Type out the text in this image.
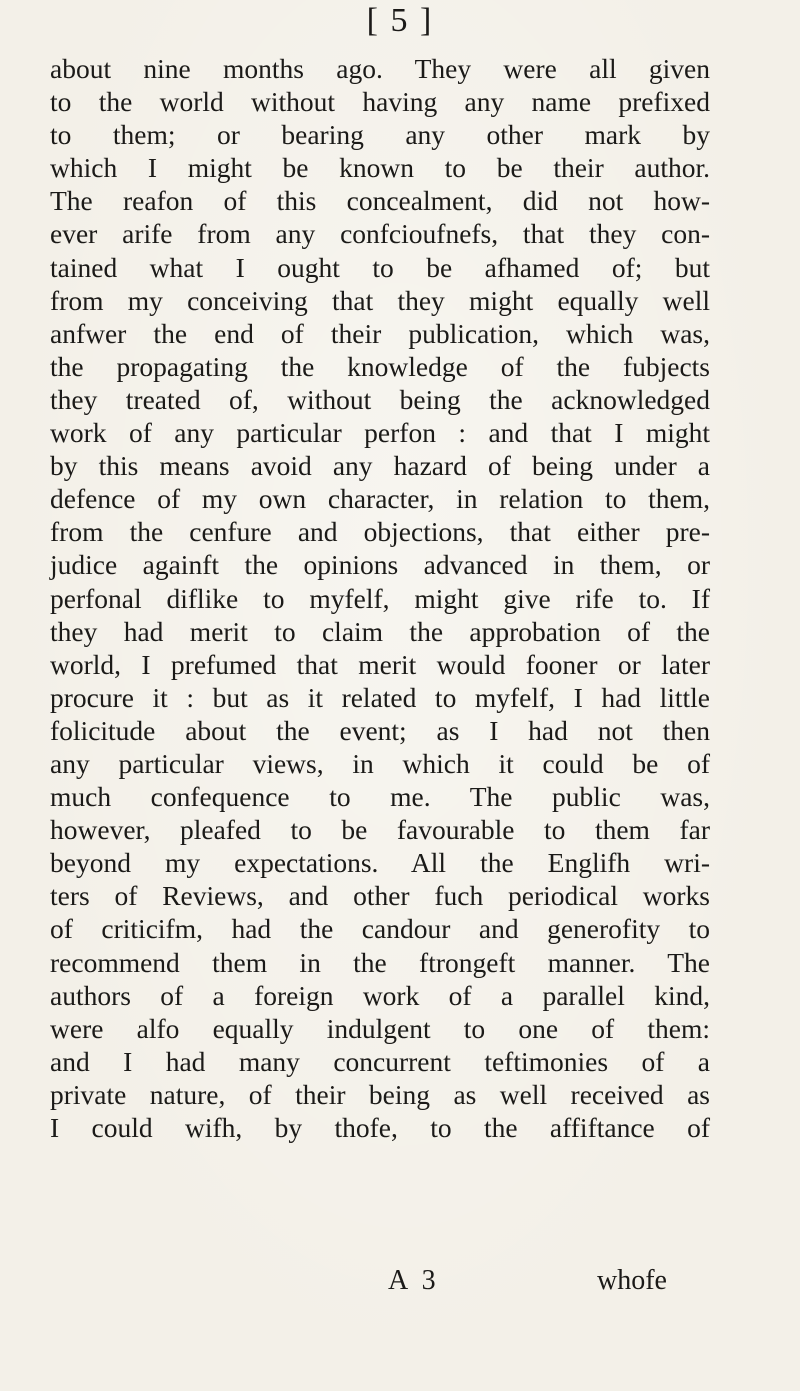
[ 5 ]
about nine months ago. They were all given
to the world without having any name prefixed
to them; or bearing any other mark by
which I might be known to be their author.
The reafon of this concealment, did not how-
ever arife from any confcioufnefs, that they con-
tained what I ought to be afhamed of; but
from my conceiving that they might equally well
anfwer the end of their publication, which was,
the propagating the knowledge of the fubjects
they treated of, without being the acknowledged
work of any particular perfon : and that I might
by this means avoid any hazard of being under a
defence of my own character, in relation to them,
from the cenfure and objections, that either pre-
judice againft the opinions advanced in them, or
perfonal diflike to myfelf, might give rife to. If
they had merit to claim the approbation of the
world, I prefumed that merit would fooner or later
procure it : but as it related to myfelf, I had little
folicitude about the event; as I had not then
any particular views, in which it could be of
much confequence to me. The public was,
however, pleafed to be favourable to them far
beyond my expectations. All the Englifh wri-
ters of Reviews, and other fuch periodical works
of criticifm, had the candour and generofity to
recommend them in the ftrongeft manner. The
authors of a foreign work of a parallel kind,
were alfo equally indulgent to one of them:
and I had many concurrent teftimonies of a
private nature, of their being as well received as
I could wifh, by thofe, to the affiftance of
A 3	whofe
